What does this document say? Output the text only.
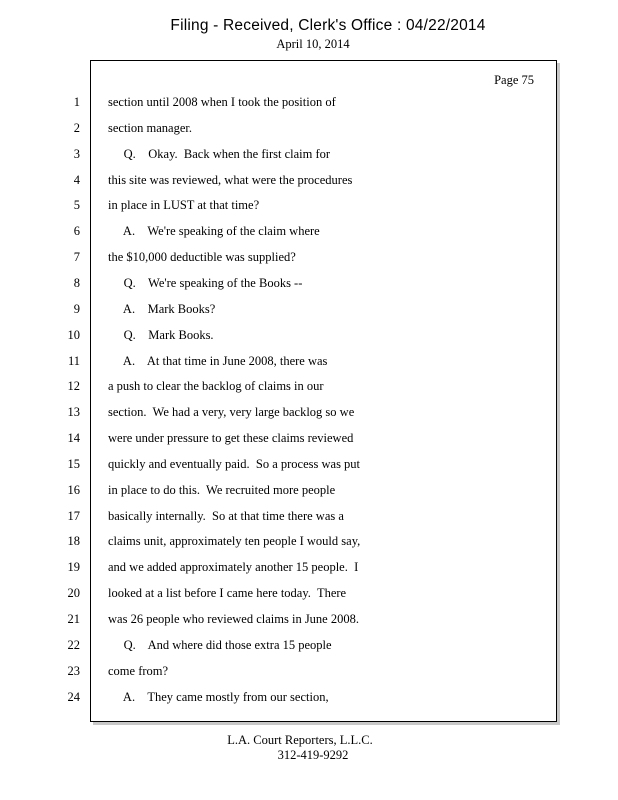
Filing - Received, Clerk's Office : 04/22/2014
April 10, 2014
Page 75
1 section until 2008 when I took the position of
2 section manager.
3 Q.    Okay.  Back when the first claim for
4 this site was reviewed, what were the procedures
5 in place in LUST at that time?
6 A.    We're speaking of the claim where
7 the $10,000 deductible was supplied?
8 Q.    We're speaking of the Books --
9 A.    Mark Books?
10 Q.    Mark Books.
11 A.    At that time in June 2008, there was
12 a push to clear the backlog of claims in our
13 section.  We had a very, very large backlog so we
14 were under pressure to get these claims reviewed
15 quickly and eventually paid.  So a process was put
16 in place to do this.  We recruited more people
17 basically internally.  So at that time there was a
18 claims unit, approximately ten people I would say,
19 and we added approximately another 15 people.  I
20 looked at a list before I came here today.  There
21 was 26 people who reviewed claims in June 2008.
22 Q.    And where did those extra 15 people
23 come from?
24 A.    They came mostly from our section,
L.A. Court Reporters, L.L.C.
312-419-9292
